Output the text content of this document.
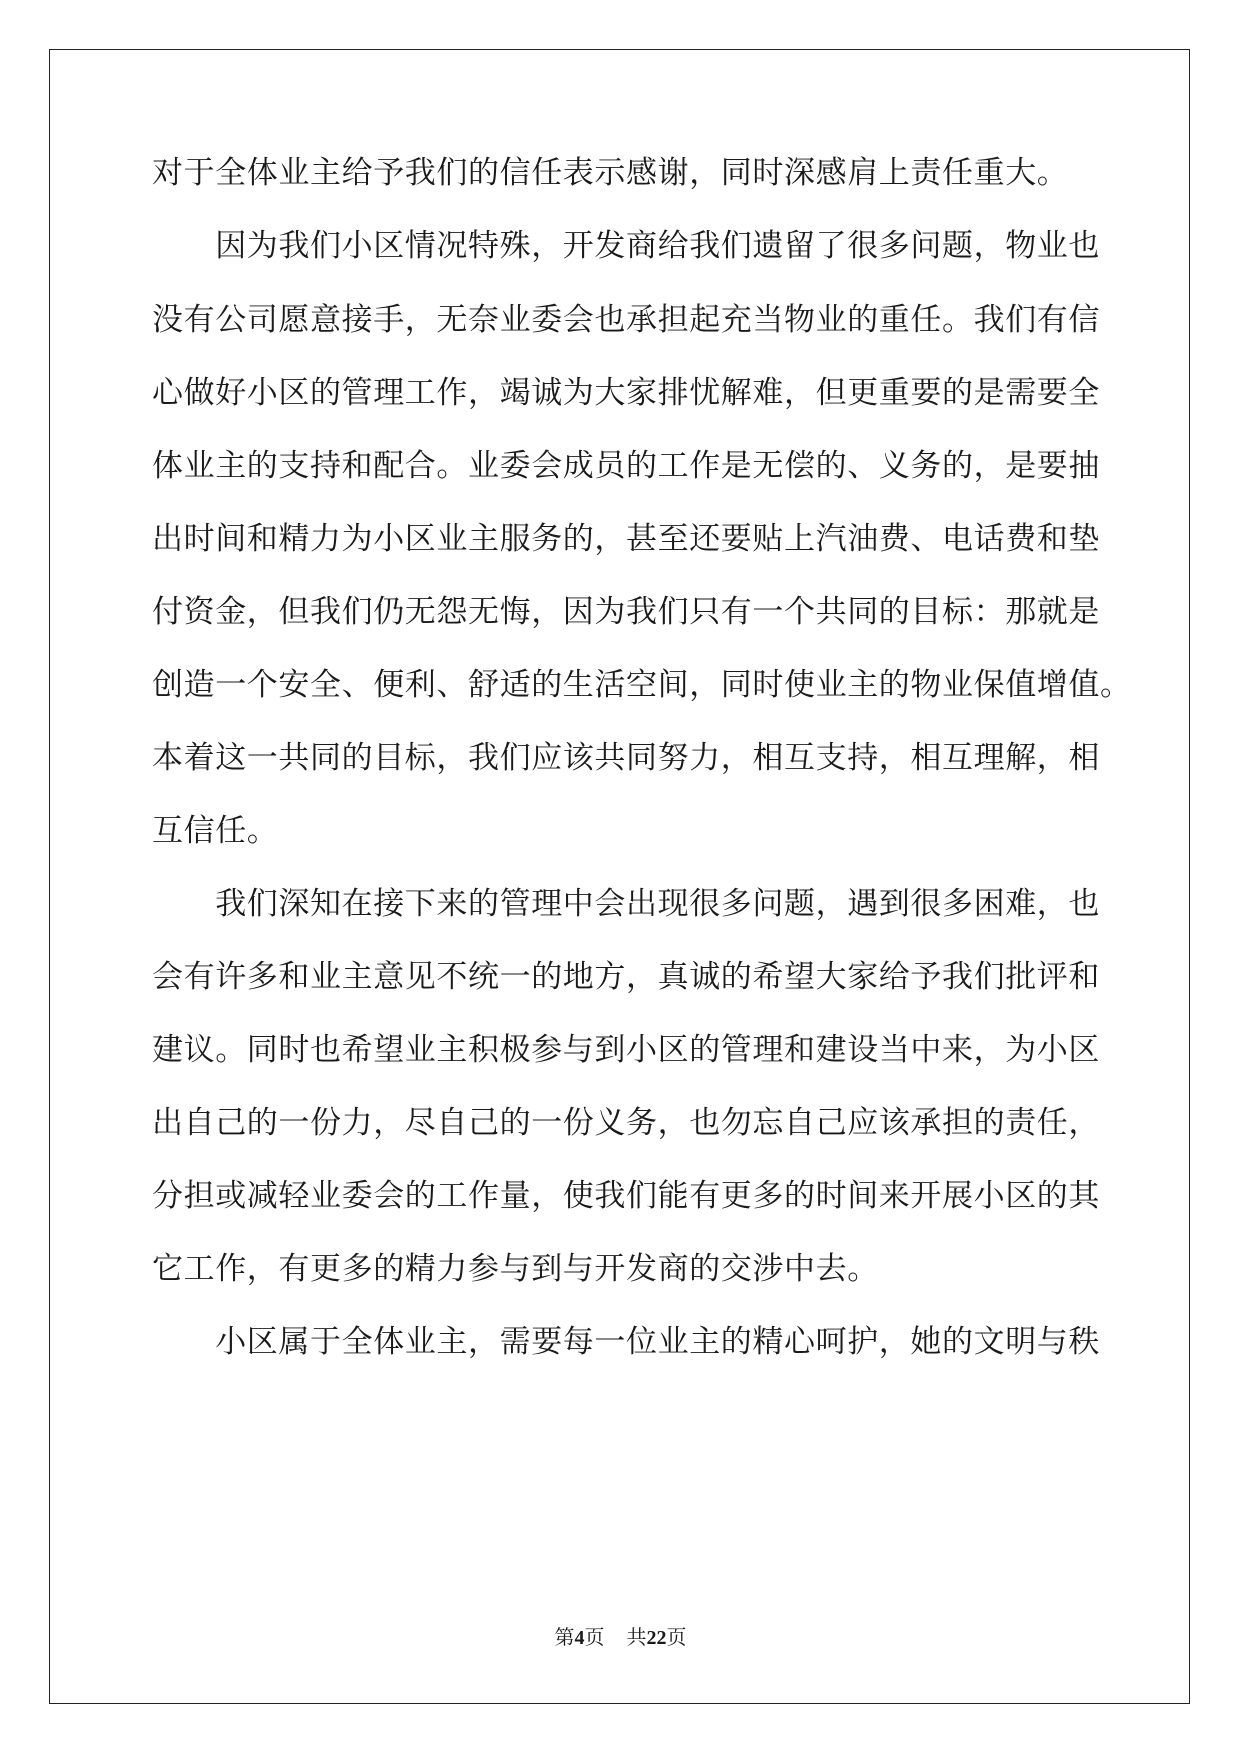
对于全体业主给予我们的信任表示感谢，同时深感肩上责任重大。

　　因为我们小区情况特殊，开发商给我们遗留了很多问题，物业也

没有公司愿意接手，无奈业委会也承担起充当物业的重任。我们有信

心做好小区的管理工作，竭诚为大家排忧解难，但更重要的是需要全

体业主的支持和配合。业委会成员的工作是无偿的、义务的，是要抽

出时间和精力为小区业主服务的，甚至还要贴上汽油费、电话费和垫

付资金，但我们仍无怨无悔，因为我们只有一个共同的目标：那就是

创造一个安全、便利、舒适的生活空间，同时使业主的物业保值增值。

本着这一共同的目标，我们应该共同努力，相互支持，相互理解，相

互信任。

　　我们深知在接下来的管理中会出现很多问题，遇到很多困难，也

会有许多和业主意见不统一的地方，真诚的希望大家给予我们批评和

建议。同时也希望业主积极参与到小区的管理和建设当中来，为小区

出自己的一份力，尽自己的一份义务，也勿忘自己应该承担的责任，

分担或减轻业委会的工作量，使我们能有更多的时间来开展小区的其

它工作，有更多的精力参与到与开发商的交涉中去。

　　小区属于全体业主，需要每一位业主的精心呵护，她的文明与秩

第4页 共22页
